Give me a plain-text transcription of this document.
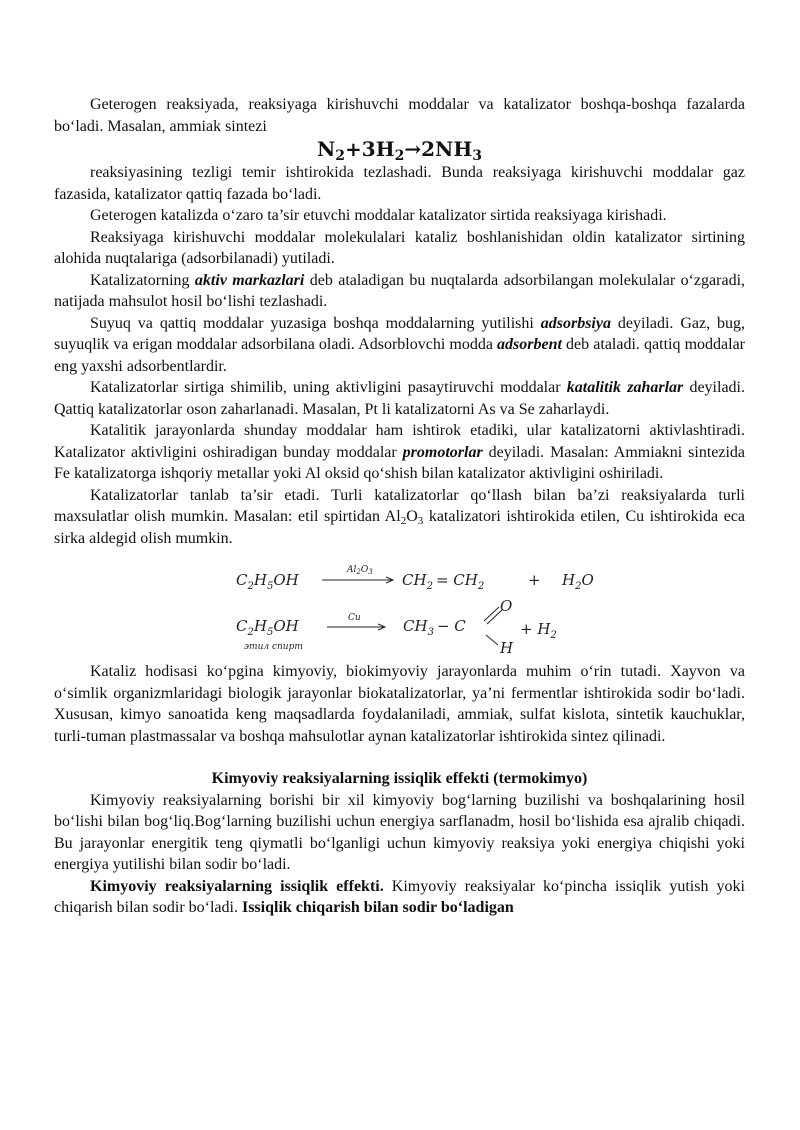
Geterogen reaksiyada, reaksiyaga kirishuvchi moddalar va katalizator boshqa-boshqa fazalarda bo‘ladi. Masalan, ammiak sintezi

$N_2+3H_2\to 2NH_3$

reaksiyasining tezligi temir ishtirokida tezlashadi. Bunda reaksiyaga kirishuvchi moddalar gaz fazasida, katalizator qattiq fazada bo‘ladi.

Geterogen katalizda o‘zaro ta’sir etuvchi moddalar katalizator sirtida reaksiyaga kirishadi.

Reaksiyaga kirishuvchi moddalar molekulalari kataliz boshlanishidan oldin katalizator sirtining alohida nuqtalariga (adsorbilanadi) yutiladi.

Katalizatorning aktiv markazlari deb ataladigan bu nuqtalarda adsorbilangan molekulalar o‘zgaradi, natijada mahsulot hosil bo‘lishi tezlashadi.

Suyuq va qattiq moddalar yuzasiga boshqa moddalarning yutilishi adsorbsiya deyiladi. Gaz, bug, suyuqlik va erigan moddalar adsorbilana oladi. Adsorblovchi modda adsorbent deb ataladi. qattiq moddalar eng yaxshi adsorbentlardir.

Katalizatorlar sirtiga shimilib, uning aktivligini pasaytiruvchi moddalar katalitik zaharlar deyiladi. Qattiq katalizatorlar oson zaharlanadi. Masalan, Pt li katalizatorni As va Se zaharlaydi.

Katalitik jarayonlarda shunday moddalar ham ishtirok etadiki, ular katalizatorni aktivlashtiradi. Katalizator aktivligini oshiradigan bunday moddalar promotorlar deyiladi. Masalan: Ammiakni sintezida Fe katalizatorga ishqoriy metallar yoki Al oksid qo‘shish bilan katalizator aktivligini oshiriladi.

Katalizatorlar tanlab ta’sir etadi. Turli katalizatorlar qo‘llash bilan ba’zi reaksiyalarda turli maxsulatlar olish mumkin. Masalan: etil spirtidan $Al_2O_3$ katalizatori ishtirokida etilen, Cu ishtirokida eca sirka aldegid olish mumkin.

$C_2H_5OH$
$Al_2O_3$ $CH_2 = CH_2$	+ $H_2O$
$C_2H_5OH$
этил спирт
Cu	$CH_3 - C$
O
H
+ $H_2$

Kataliz hodisasi ko‘pgina kimyoviy, biokimyoviy jarayonlarda muhim o‘rin tutadi. Xayvon va o‘simlik organizmlaridagi biologik jarayonlar biokatalizatorlar, ya’ni fermentlar ishtirokida sodir bo‘ladi. Xususan, kimyo sanoatida keng maqsadlarda foydalaniladi, ammiak, sulfat kislota, sintetik kauchuklar, turli-tuman plastmassalar va boshqa mahsulotlar aynan katalizatorlar ishtirokida sintez qilinadi.

Kimyoviy reaksiyalarning issiqlik effekti (termokimyo)

Kimyoviy reaksiyalarning borishi bir xil kimyoviy bog‘larning buzilishi va boshqalarining hosil bo‘lishi bilan bog‘liq.Bog‘larning buzilishi uchun energiya sarflanadm, hosil bo‘lishida esa ajralib chiqadi. Bu jarayonlar energitik teng qiymatli bo‘lganligi uchun kimyoviy reaksiya yoki energiya chiqishi yoki energiya yutilishi bilan sodir bo‘ladi.

Kimyoviy reaksiyalarning issiqlik effekti. Kimyoviy reaksiyalar ko‘pincha issiqlik yutish yoki chiqarish bilan sodir bo‘ladi. Issiqlik chiqarish bilan sodir bo‘ladigan
